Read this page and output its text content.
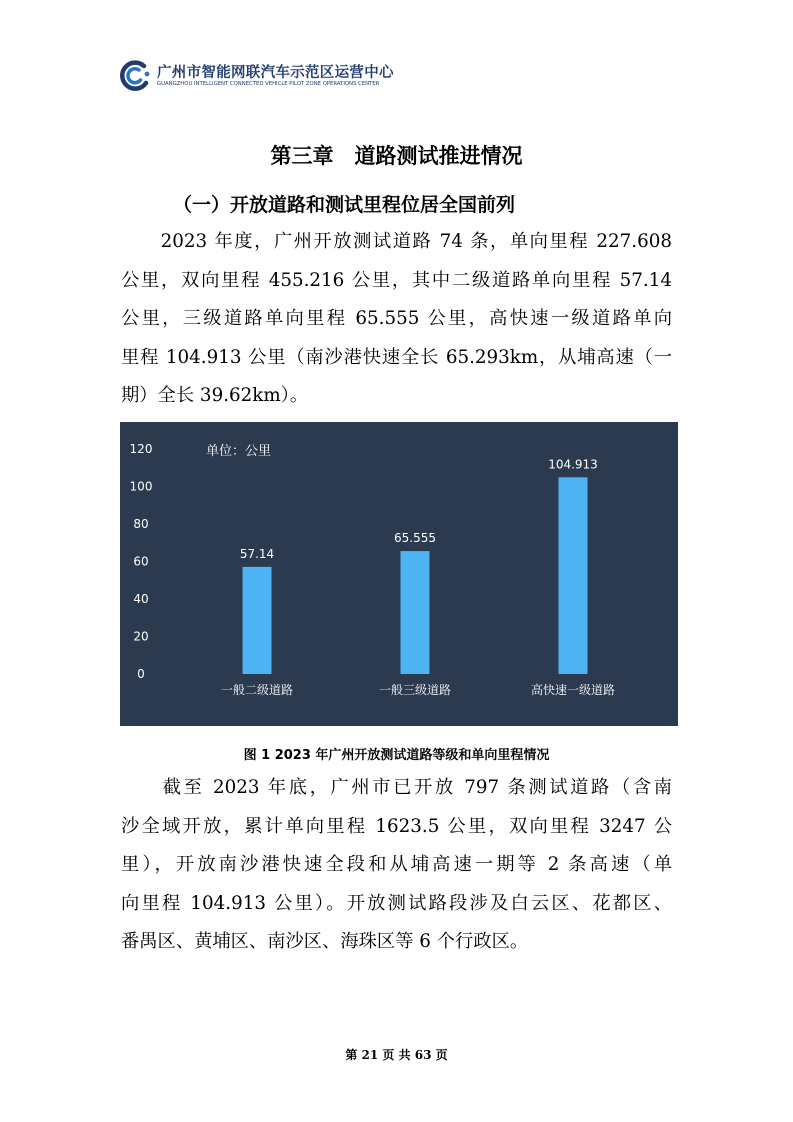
广州市智能网联汽车示范区运营中心
GUANGZHOU INTELLIGENT CONNECTED VEHICLE PILOT ZONE OPERATIONS CENTER
第三章　道路测试推进情况
（一）开放道路和测试里程位居全国前列

　　2023 年度，广州开放测试道路 74 条，单向里程 227.608

公里，双向里程 455.216 公里，其中二级道路单向里程 57.14

公里，三级道路单向里程 65.555 公里，高快速一级道路单向

里程 104.913 公里（南沙港快速全长 65.293km，从埔高速（一

期）全长 39.62km）。

0
20
40
60
80
100
120
57.14
一般二级道路
65.555
一般三级道路
104.913
高快速一级道路
单位：公里
图 1 2023 年广州开放测试道路等级和单向里程情况

　　截至 2023 年底，广州市已开放 797 条测试道路（含南

沙全域开放，累计单向里程 1623.5 公里，双向里程 3247 公

里），开放南沙港快速全段和从埔高速一期等 2 条高速（单

向里程 104.913 公里）。开放测试路段涉及白云区、花都区、

番禺区、黄埔区、南沙区、海珠区等 6 个行政区。

第 21 页 共 63 页
